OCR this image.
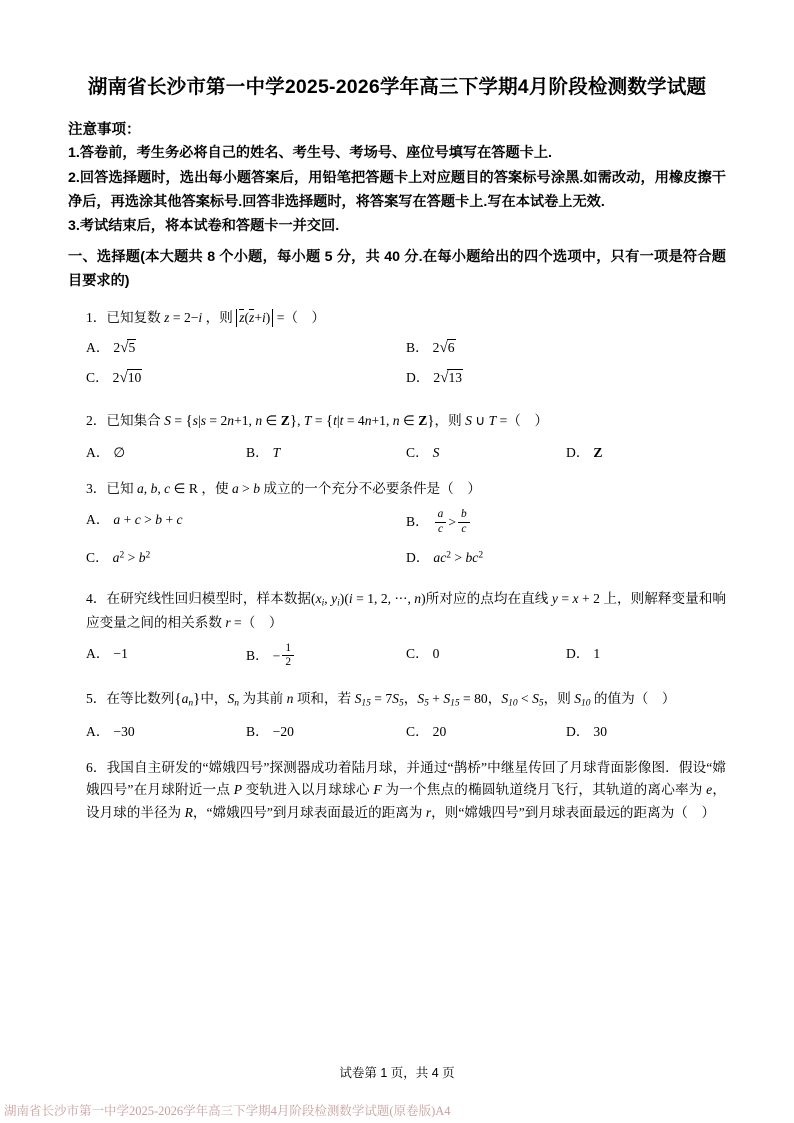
湖南省长沙市第一中学2025-2026学年高三下学期4月阶段检测数学试题
注意事项：

1.答卷前，考生务必将自己的姓名、考生号、考场号、座位号填写在答题卡上.

2.回答选择题时，选出每小题答案后，用铅笔把答题卡上对应题目的答案标号涂黑.如需改动，用橡皮擦干净后，再选涂其他答案标号.回答非选择题时，将答案写在答题卡上.写在本试卷上无效.

3.考试结束后，将本试卷和答题卡一并交回.

一、选择题(本大题共 8 个小题，每小题 5 分，共 40 分.在每小题给出的四个选项中，只有一项是符合题目要求的)
1．已知复数 z = 2−i ，则 z(z+i) =（    ）
A． 2√5	B． 2√6
C． 2√10	D． 2√13
2．已知集合 S = {s|s = 2n+1, n ∈ Z}, T = {t|t = 4n+1, n ∈ Z}，则 S ∪ T =（    ）
A． ∅	B． T	C． S	D． Z
3．已知 a, b, c ∈ R ，使 a > b 成立的一个充分不必要条件是（    ）
A． a + c > b + c	B． $\frac{a}{c} > \frac{b}{c}$
C． $a^2 > b^2$	D． $ac^2 > bc^2$
4．在研究线性回归模型时，样本数据($x_i$, $y_i)(i = 1$, 2, ⋅⋅⋅, n)所对应的点均在直线 y = x + 2 上，则解释变量和响应变量之间的相关系数 r =（    ）
A． −1	B． − $\frac{1}{2}$	C． 0	D． 1
5．在等比数列$\{a_n\}$中，$S_n$ 为其前 n 项和，若 $S_{15} = 7S_5$，$S_5 + S_{15} = 80$，$S_{10} < S_5$，则 $S_{10}$ 的值为（    ）
A． −30	B． −20	C． 20	D． 30
6．我国自主研发的“嫦娥四号”探测器成功着陆月球，并通过“鹊桥”中继星传回了月球背面影像图．假设“嫦娥四号”在月球附近一点 P 变轨进入以月球球心 F 为一个焦点的椭圆轨道绕月飞行，其轨道的离心率为 e，设月球的半径为 R，“嫦娥四号”到月球表面最近的距离为 r，则“嫦娥四号”到月球表面最远的距离为（    ）
试卷第 1 页，共 4 页
湖南省长沙市第一中学2025-2026学年高三下学期4月阶段检测数学试题(原卷版)A4
